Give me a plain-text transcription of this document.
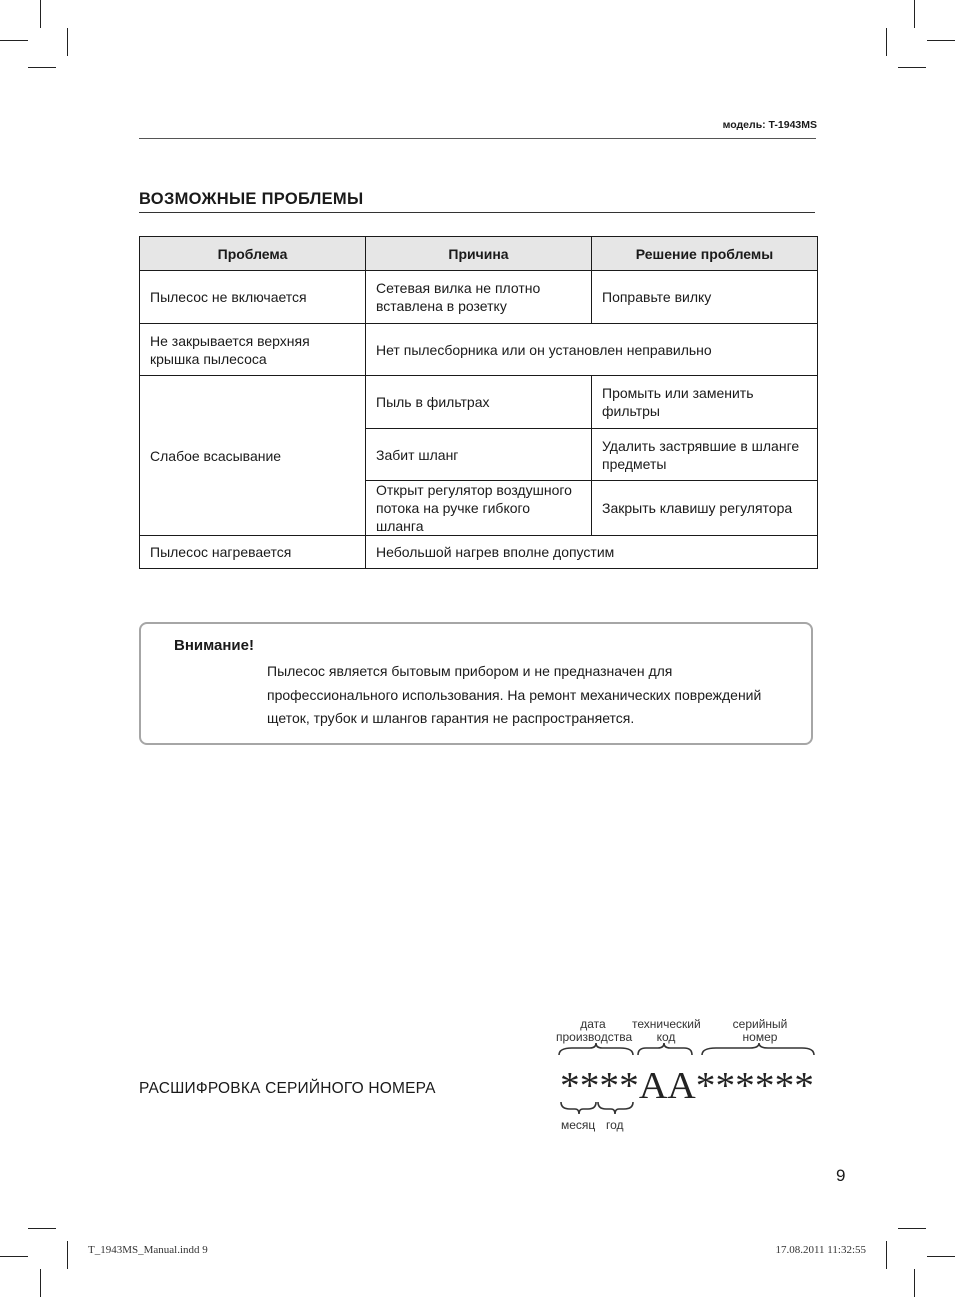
модель: T-1943MS
ВОЗМОЖНЫЕ ПРОБЛЕМЫ
Проблема	Причина	Решение проблемы
Пылесос не включается	Сетевая вилка не плотно вставлена в розетку	Поправьте вилку
Не закрывается верхняя крышка пылесоса	Нет пылесборника или он установлен неправильно	
Слабое всасывание	Пыль в фильтрах	Промыть или заменить фильтры
	Забит шланг	Удалить застрявшие в шланге предметы
	Открыт регулятор воздушного потока на ручке гибкого шланга	Закрыть клавишу регулятора
Пылесос нагревается	Небольшой нагрев вполне допустим	
Внимание!
Пылесос является бытовым прибором и не предназначен для профессионального использования. На ремонт механических повреждений щеток, трубок и шлангов гарантия не распространяется.
РАСШИФРОВКА СЕРИЙНОГО НОМЕРА
дата производства
технический код
серийный номер
****AA******
месяц год
9
T_1943MS_Manual.indd 9	17.08.2011 11:32:55
